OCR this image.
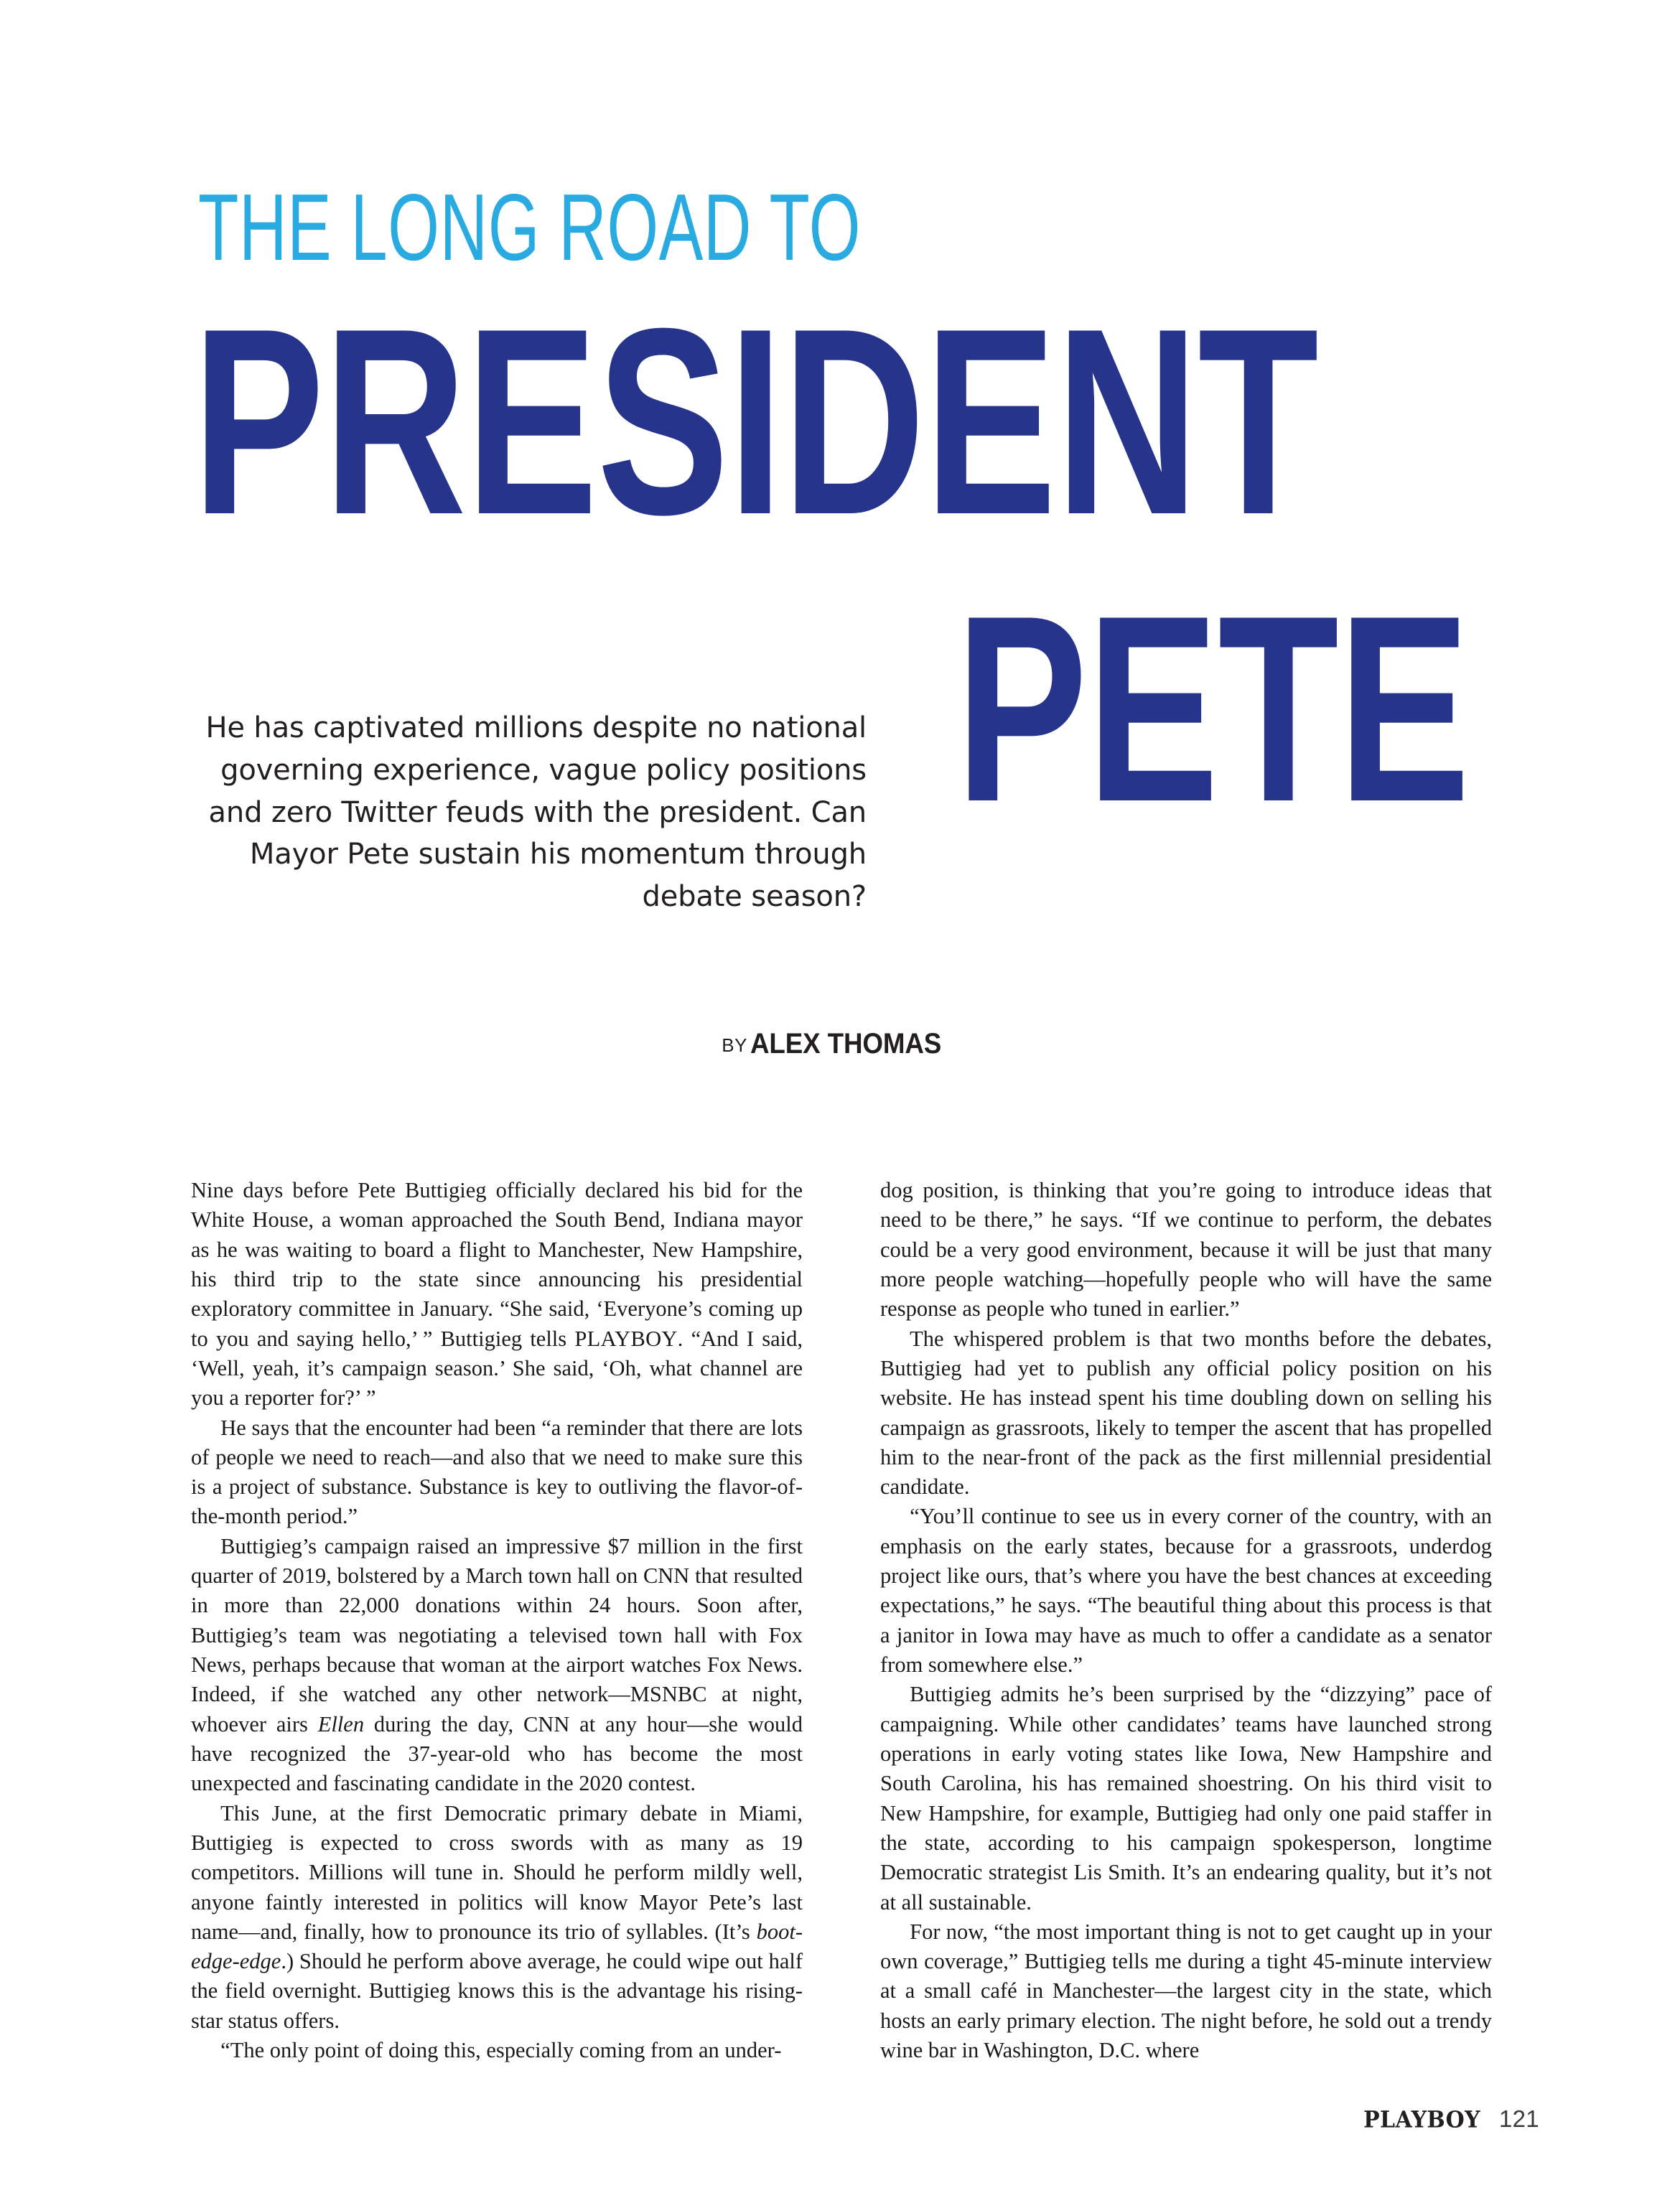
THE LONG ROAD TO
PRESIDENT
PETE
He has captivated millions despite no national governing experience, vague policy positions and zero Twitter feuds with the president. Can Mayor Pete sustain his momentum through debate season?
BY ALEX THOMAS

Nine days before Pete Buttigieg officially declared his bid for the White House, a woman approached the South Bend, Indiana mayor as he was waiting to board a flight to Manchester, New Hampshire, his third trip to the state since announcing his presidential exploratory committee in January. “She said, ‘Everyone’s coming up to you and saying hello,’ ” Buttigieg tells PLAYBOY. “And I said, ‘Well, yeah, it’s campaign season.’ She said, ‘Oh, what channel are you a reporter for?’ ”

He says that the encounter had been “a reminder that there are lots of people we need to reach—and also that we need to make sure this is a project of substance. Substance is key to outliving the flavor-of-the-month period.”

Buttigieg’s campaign raised an impressive $7 million in the first quarter of 2019, bolstered by a March town hall on CNN that resulted in more than 22,000 donations within 24 hours. Soon after, Buttigieg’s team was negotiating a televised town hall with Fox News, perhaps because that woman at the airport watches Fox News. Indeed, if she watched any other network—MSNBC at night, whoever airs Ellen during the day, CNN at any hour—she would have recognized the 37-year-old who has become the most unexpected and fascinating candidate in the 2020 contest.

This June, at the first Democratic primary debate in Miami, Buttigieg is expected to cross swords with as many as 19 competitors. Millions will tune in. Should he perform mildly well, anyone faintly interested in politics will know Mayor Pete’s last name—and, finally, how to pronounce its trio of syllables. (It’s boot-edge-edge.) Should he perform above average, he could wipe out half the field overnight. Buttigieg knows this is the advantage his rising-star status offers.

“The only point of doing this, especially coming from an under-

dog position, is thinking that you’re going to introduce ideas that need to be there,” he says. “If we continue to perform, the debates could be a very good environment, because it will be just that many more people watching—hopefully people who will have the same response as people who tuned in earlier.”

The whispered problem is that two months before the debates, Buttigieg had yet to publish any official policy position on his website. He has instead spent his time doubling down on selling his campaign as grassroots, likely to temper the ascent that has propelled him to the near-front of the pack as the first millennial presidential candidate.

“You’ll continue to see us in every corner of the country, with an emphasis on the early states, because for a grassroots, underdog project like ours, that’s where you have the best chances at exceeding expectations,” he says. “The beautiful thing about this process is that a janitor in Iowa may have as much to offer a candidate as a senator from somewhere else.”

Buttigieg admits he’s been surprised by the “dizzying” pace of campaigning. While other candidates’ teams have launched strong operations in early voting states like Iowa, New Hampshire and South Carolina, his has remained shoestring. On his third visit to New Hampshire, for example, Buttigieg had only one paid staffer in the state, according to his campaign spokesperson, longtime Democratic strategist Lis Smith. It’s an endearing quality, but it’s not at all sustainable.

For now, “the most important thing is not to get caught up in your own coverage,” Buttigieg tells me during a tight 45-minute interview at a small café in Manchester—the largest city in the state, which hosts an early primary election. The night before, he sold out a trendy wine bar in Washington, D.C. where

PLAYBOY 121
